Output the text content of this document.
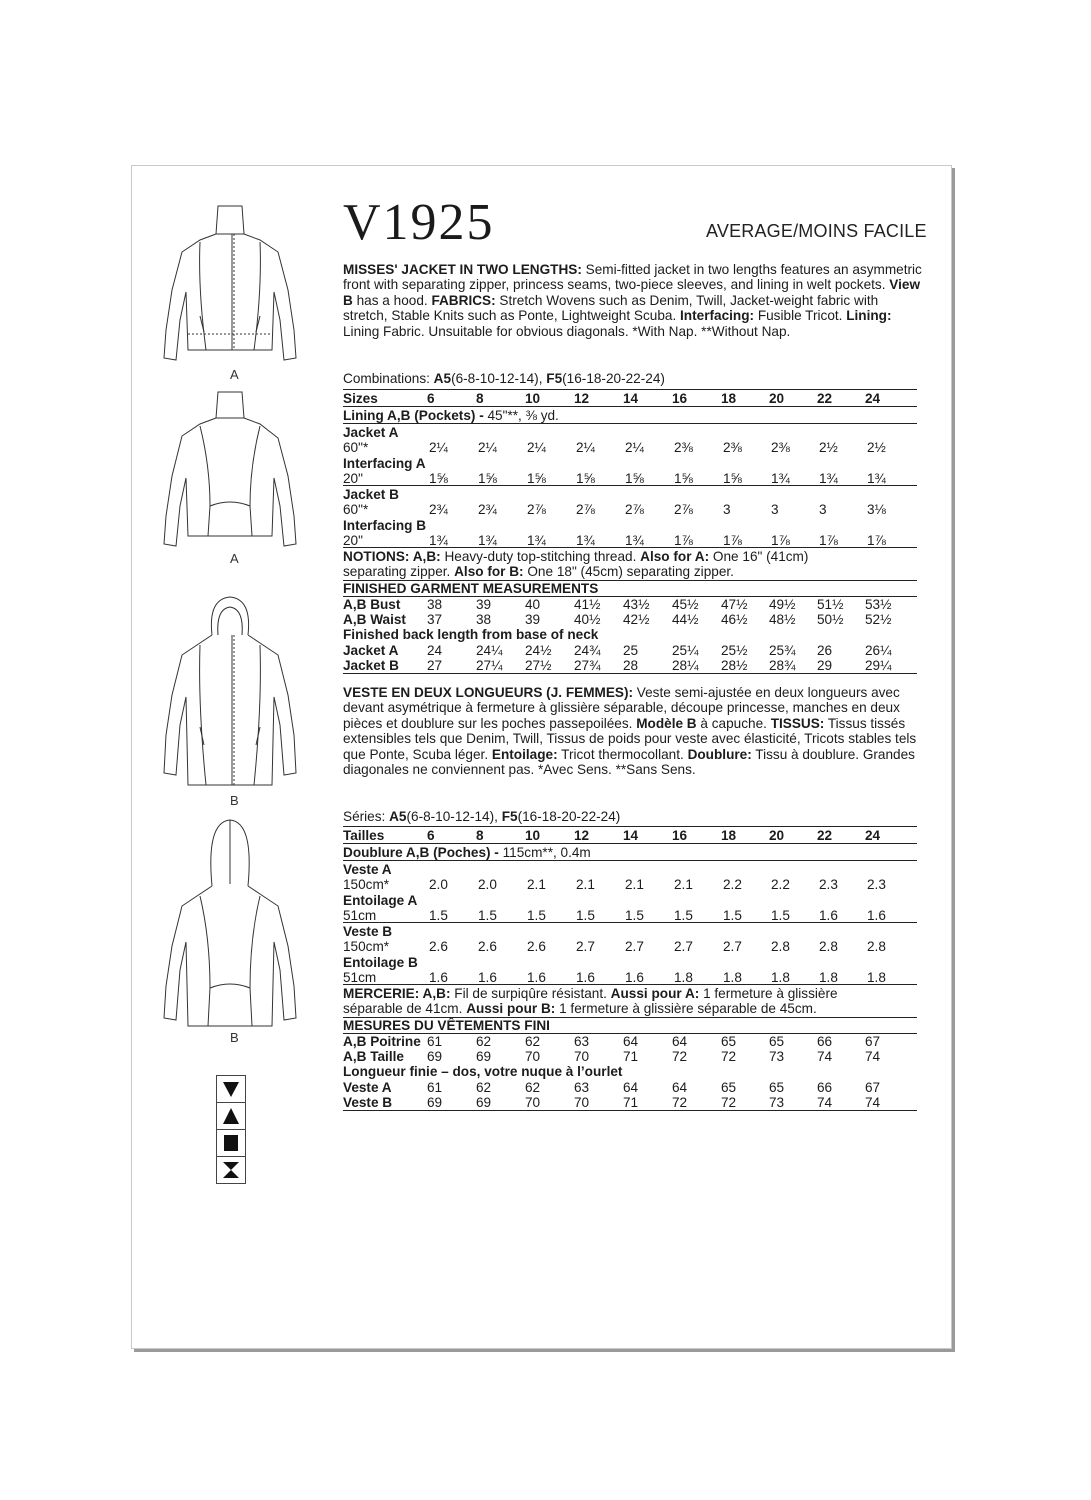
V1925	AVERAGE/MOINS FACILE
MISSES' JACKET IN TWO LENGTHS: Semi-fitted jacket in two lengths features an asymmetric front with separating zipper, princess seams, two-piece sleeves, and lining in welt pockets. View B has a hood. FABRICS: Stretch Wovens such as Denim, Twill, Jacket-weight fabric with stretch, Stable Knits such as Ponte, Lightweight Scuba. Interfacing: Fusible Tricot. Lining: Lining Fabric. Unsuitable for obvious diagonals. *With Nap. **Without Nap.
Combinations: A5(6-8-10-12-14), F5(16-18-20-22-24)
Sizes	6	8	10 12 14 16 18 20 22 24
Lining A,B (Pockets) - 45"**, ⅜ yd.
Jacket A
60"*	2¼ 2¼ 2¼ 2¼ 2¼ 2⅜ 2⅜ 2⅜ 2½ 2½
Interfacing A
20"	1⅝ 1⅝ 1⅝ 1⅝ 1⅝ 1⅝ 1⅝ 1¾ 1¾ 1¾
Jacket B
60"*	2¾ 2¾ 2⅞ 2⅞ 2⅞ 2⅞ 3	3	3	3⅛
Interfacing B
20"	1¾ 1¾ 1¾ 1¾ 1¾ 1⅞ 1⅞ 1⅞ 1⅞ 1⅞
NOTIONS: A,B: Heavy-duty top-stitching thread. Also for A: One 16" (41cm)
separating zipper. Also for B: One 18" (45cm) separating zipper.
FINISHED GARMENT MEASUREMENTS
A,B Bust 38 39 40 41½ 43½ 45½ 47½ 49½ 51½ 53½
A,B Waist 37 38 39 40½ 42½ 44½ 46½ 48½ 50½ 52½
Finished back length from base of neck
Jacket A 24 24¼ 24½ 24¾ 25 25¼ 25½ 25¾ 26 26¼
Jacket B 27 27¼ 27½ 27¾ 28 28¼ 28½ 28¾ 29 29¼
VESTE EN DEUX LONGUEURS (J. FEMMES): Veste semi-ajustée en deux longueurs avec devant asymétrique à fermeture à glissière séparable, découpe princesse, manches en deux pièces et doublure sur les poches passepoilées. Modèle B à capuche. TISSUS: Tissus tissés extensibles tels que Denim, Twill, Tissus de poids pour veste avec élasticité, Tricots stables tels que Ponte, Scuba léger. Entoilage: Tricot thermocollant. Doublure: Tissu à doublure. Grandes diagonales ne conviennent pas. *Avec Sens. **Sans Sens.
Séries: A5(6-8-10-12-14), F5(16-18-20-22-24)
Tailles	6	8	10 12 14 16 18 20 22 24
Doublure A,B (Poches) - 115cm**, 0.4m
Veste A
150cm*	2.0 2.0 2.1 2.1 2.1 2.1 2.2 2.2 2.3 2.3
Entoilage A
51cm	1.5 1.5 1.5 1.5 1.5 1.5 1.5 1.5 1.6 1.6
Veste B
150cm*	2.6 2.6 2.6 2.7 2.7 2.7 2.7 2.8 2.8 2.8
Entoilage B
51cm	1.6 1.6 1.6 1.6 1.6 1.8 1.8 1.8 1.8 1.8
MERCERIE: A,B: Fil de surpiqûre résistant. Aussi pour A: 1 fermeture à glissière
séparable de 41cm. Aussi pour B: 1 fermeture à glissière séparable de 45cm.
MESURES DU VÊTEMENTS FINI
A,B Poitrine 61 62 62 63 64 64 65 65 66 67
A,B Taille 69 69 70 70 71 72 72 73 74 74
Longueur finie – dos, votre nuque à l’ourlet
Veste A	61 62 62 63 64 64 65 65 66 67
Veste B	69 69 70 70 71 72 72 73 74 74
A
A
B
B
